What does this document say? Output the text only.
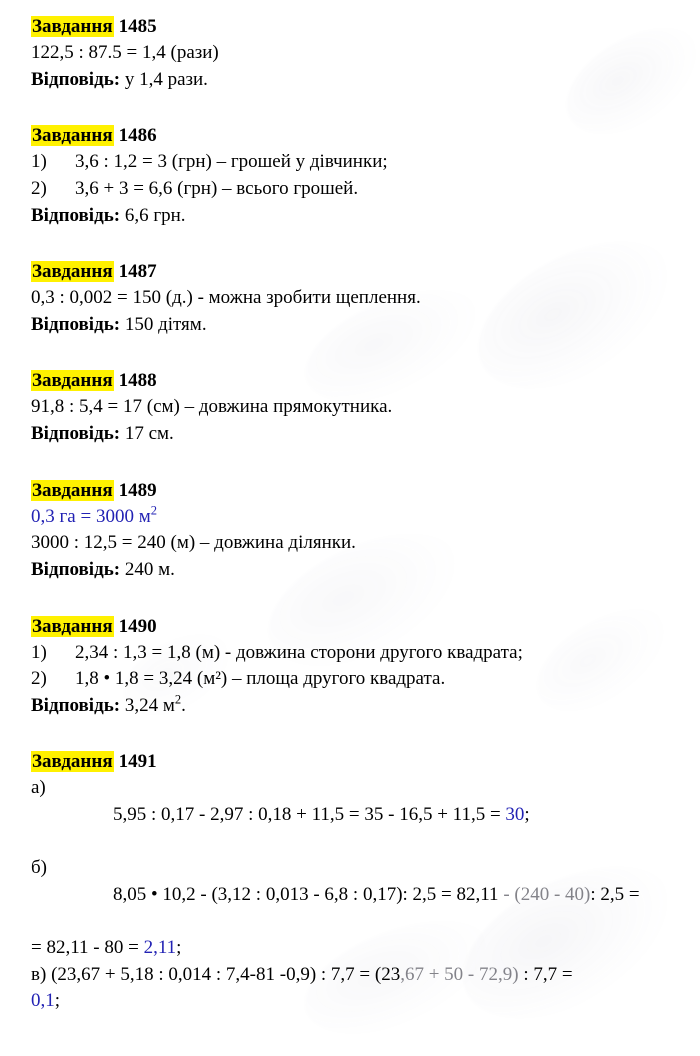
Завдання 1485

122,5 : 87.5 = 1,4 (рази)

Відповідь: у 1,4 рази.

Завдання 1486

1)	3,6 : 1,2 = 3 (грн) – грошей у дівчинки;

2)	3,6 + 3 = 6,6 (грн) – всього грошей.

Відповідь: 6,6 грн.

Завдання 1487

0,3 : 0,002 = 150 (д.) - можна зробити щеплення.

Відповідь: 150 дітям.

Завдання 1488

91,8 : 5,4 = 17 (см) – довжина прямокутника.

Відповідь: 17 см.

Завдання 1489

0,3 га = 3000 $м^2$

3000 : 12,5 = 240 (м) – довжина ділянки.

Відповідь: 240 м.

Завдання 1490

1)	2,34 : 1,3 = 1,8 (м) - довжина сторони другого квадрата;

2)	1,8 • 1,8 = 3,24 (м²) – площа другого квадрата.

Відповідь: 3,24 $м^2$.

Завдання 1491

а)

5,95 : 0,17 - 2,97 : 0,18 + 11,5 = 35 - 16,5 + 11,5 = 30;

б)

8,05 • 10,2 - (3,12 : 0,013 - 6,8 : 0,17): 2,5 = 82,11 - (240 - 40): 2,5 =

= 82,11 - 80 = 2,11;

в) (23,67 + 5,18 : 0,014 : 7,4-81 -0,9) : 7,7 = (23,67 + 50 - 72,9) : 7,7 =

0,1;
